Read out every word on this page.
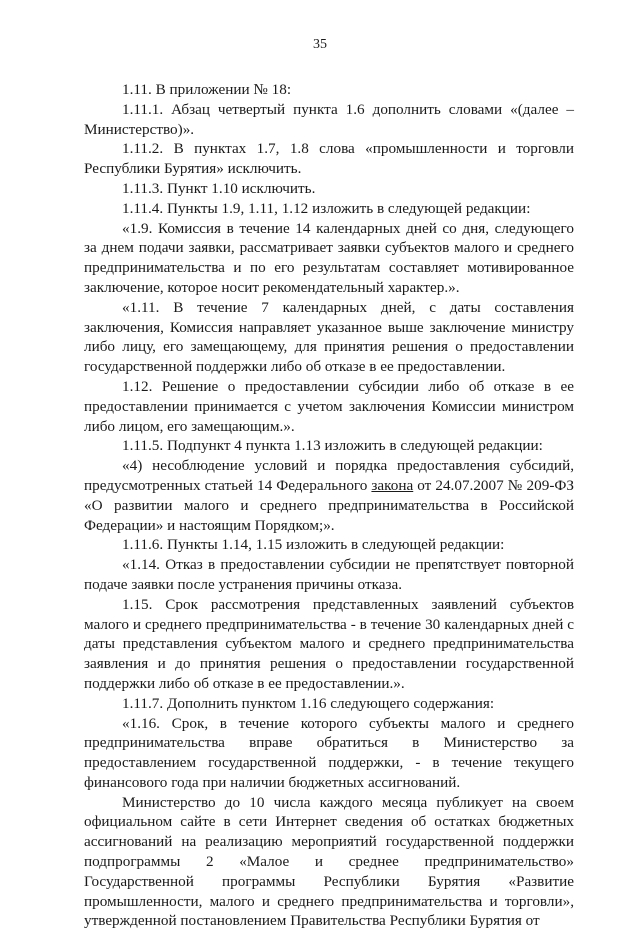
35

1.11. В приложении № 18:

1.11.1. Абзац четвертый пункта 1.6 дополнить словами «(далее – Министерство)».

1.11.2. В пунктах 1.7, 1.8 слова «промышленности и торговли Республики Бурятия» исключить.

1.11.3. Пункт 1.10 исключить.

1.11.4. Пункты 1.9, 1.11, 1.12 изложить в следующей редакции:

«1.9. Комиссия в течение 14 календарных дней со дня, следующего за днем подачи заявки, рассматривает заявки субъектов малого и среднего предпринимательства и по его результатам составляет мотивированное заключение, которое носит рекомендательный характер.».

«1.11. В течение 7 календарных дней, с даты составления заключения, Комиссия направляет указанное выше заключение министру либо лицу, его замещающему, для принятия решения о предоставлении государственной поддержки либо об отказе в ее предоставлении.

1.12. Решение о предоставлении субсидии либо об отказе в ее предоставлении принимается с учетом заключения Комиссии министром либо лицом, его замещающим.».

1.11.5. Подпункт 4 пункта 1.13 изложить в следующей редакции:

«4) несоблюдение условий и порядка предоставления субсидий, предусмотренных статьей 14 Федерального закона от 24.07.2007 № 209-ФЗ «О развитии малого и среднего предпринимательства в Российской Федерации» и настоящим Порядком;».

1.11.6. Пункты 1.14, 1.15 изложить в следующей редакции:

«1.14. Отказ в предоставлении субсидии не препятствует повторной подаче заявки после устранения причины отказа.

1.15. Срок рассмотрения представленных заявлений субъектов малого и среднего предпринимательства - в течение 30 календарных дней с даты представления субъектом малого и среднего предпринимательства заявления и до принятия решения о предоставлении государственной поддержки либо об отказе в ее предоставлении.».

1.11.7. Дополнить пунктом 1.16 следующего содержания:

«1.16. Срок, в течение которого субъекты малого и среднего предпринимательства вправе обратиться в Министерство за предоставлением государственной поддержки, - в течение текущего финансового года при наличии бюджетных ассигнований.

Министерство до 10 числа каждого месяца публикует на своем официальном сайте в сети Интернет сведения об остатках бюджетных ассигнований на реализацию мероприятий государственной поддержки подпрограммы 2 «Малое и среднее предпринимательство» Государственной программы Республики Бурятия «Развитие промышленности, малого и среднего предпринимательства и торговли», утвержденной постановлением Правительства Республики Бурятия от
